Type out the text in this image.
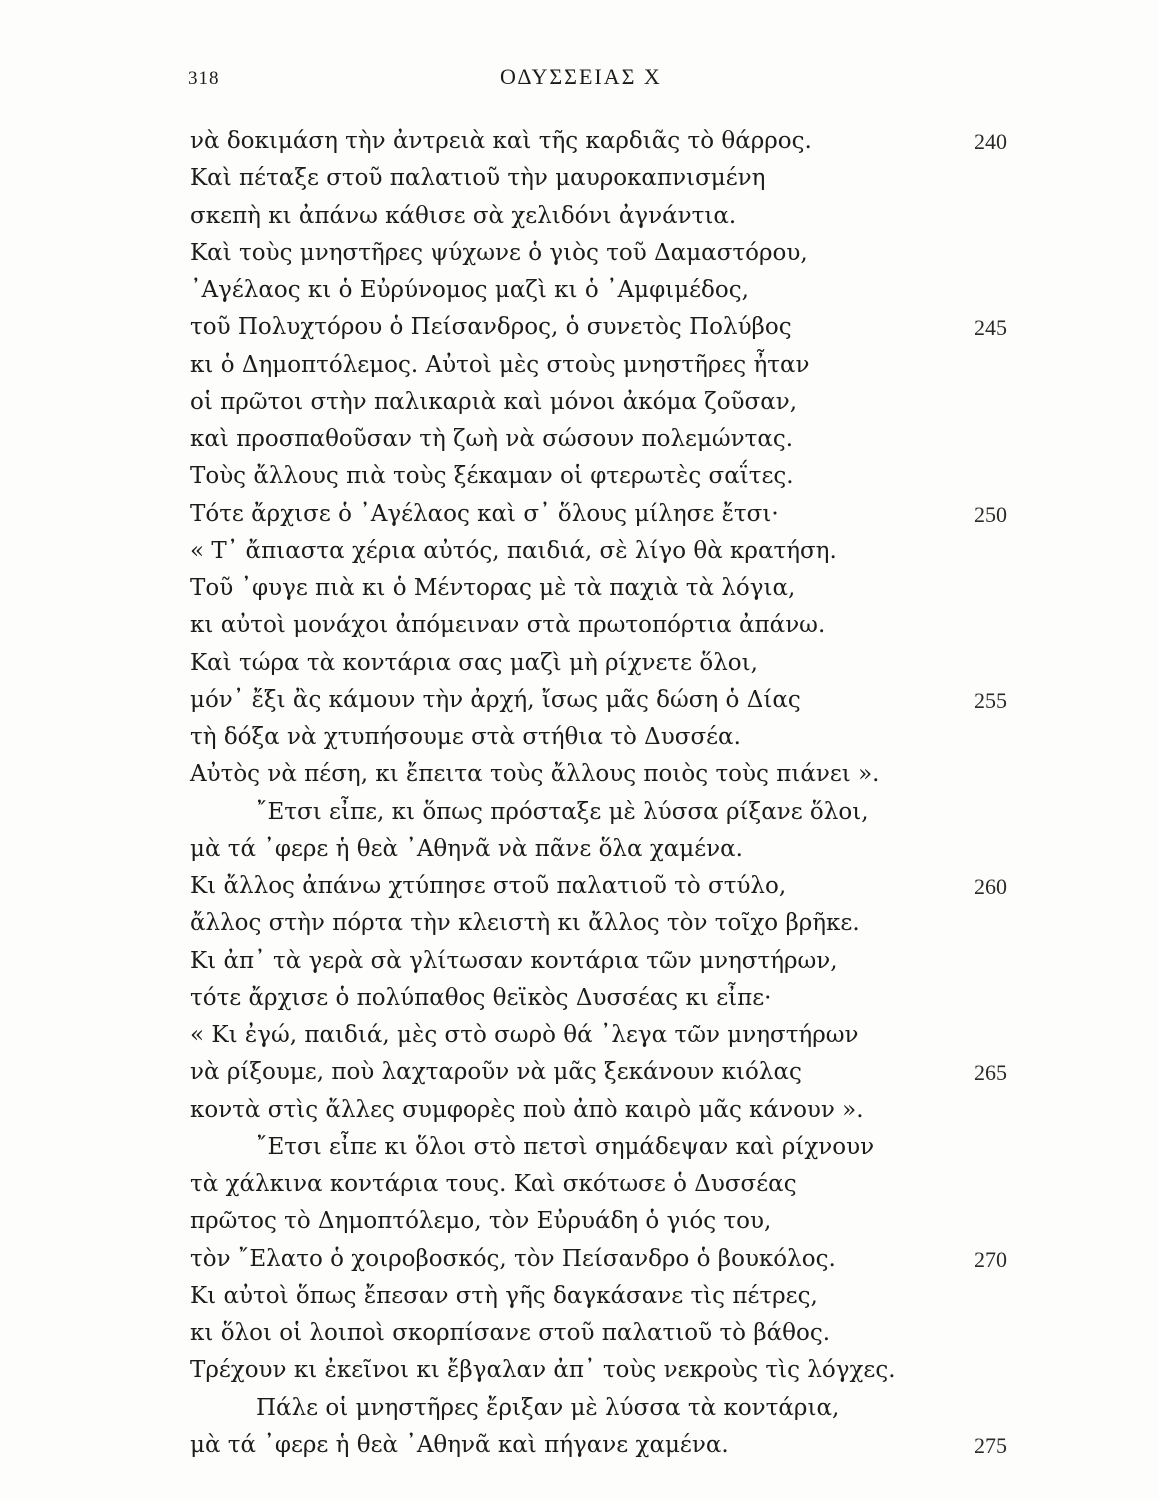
318	ΟΔΥΣΣΕΙΑΣ Χ
νὰ δοκιμάση τὴν ἀντρειὰ καὶ τῆς καρδιᾶς τὸ θάρρος.	240
Καὶ πέταξε στοῦ παλατιοῦ τὴν μαυροκαπνισμένη
σκεπὴ κι ἀπάνω κάθισε σὰ χελιδόνι ἀγνάντια.
Καὶ τοὺς μνηστῆρες ψύχωνε ὁ γιὸς τοῦ Δαμαστόρου,
᾽Αγέλαος κι ὁ Εὐρύνομος μαζὶ κι ὁ ᾽Αμφιμέδος,
τοῦ Πολυχτόρου ὁ Πείσανδρος, ὁ συνετὸς Πολύβος	245
κι ὁ Δημοπτόλεμος. Αὐτοὶ μὲς στοὺς μνηστῆρες ἦταν
οἱ πρῶτοι στὴν παλικαριὰ καὶ μόνοι ἀκόμα ζοῦσαν,
καὶ προσπαθοῦσαν τὴ ζωὴ νὰ σώσουν πολεμώντας.
Τοὺς ἄλλους πιὰ τοὺς ξέκαμαν οἱ φτερωτὲς σαΐτες.
Τότε ἄρχισε ὁ ᾽Αγέλαος καὶ σ᾽ ὅλους μίλησε ἔτσι·	250
« Τ᾽ ἄπιαστα χέρια αὐτός, παιδιά, σὲ λίγο θὰ κρατήση.
Τοῦ ᾽φυγε πιὰ κι ὁ Μέντορας μὲ τὰ παχιὰ τὰ λόγια,
κι αὐτοὶ μονάχοι ἀπόμειναν στὰ πρωτοπόρτια ἀπάνω.
Καὶ τώρα τὰ κοντάρια σας μαζὶ μὴ ρίχνετε ὅλοι,
μόν᾽ ἔξι ἂς κάμουν τὴν ἀρχή, ἴσως μᾶς δώση ὁ Δίας	255
τὴ δόξα νὰ χτυπήσουμε στὰ στήθια τὸ Δυσσέα.
Αὐτὸς νὰ πέση, κι ἔπειτα τοὺς ἄλλους ποιὸς τοὺς πιάνει ».
῎Ετσι εἶπε, κι ὅπως πρόσταξε μὲ λύσσα ρίξανε ὅλοι,
μὰ τά ᾽φερε ἡ θεὰ ᾽Αθηνᾶ νὰ πᾶνε ὅλα χαμένα.
Κι ἄλλος ἀπάνω χτύπησε στοῦ παλατιοῦ τὸ στύλο,	260
ἄλλος στὴν πόρτα τὴν κλειστὴ κι ἄλλος τὸν τοῖχο βρῆκε.
Κι ἀπ᾽ τὰ γερὰ σὰ γλίτωσαν κοντάρια τῶν μνηστήρων,
τότε ἄρχισε ὁ πολύπαθος θεϊκὸς Δυσσέας κι εἶπε·
« Κι ἐγώ, παιδιά, μὲς στὸ σωρὸ θά ᾽λεγα τῶν μνηστήρων
νὰ ρίξουμε, ποὺ λαχταροῦν νὰ μᾶς ξεκάνουν κιόλας	265
κοντὰ στὶς ἄλλες συμφορὲς ποὺ ἀπὸ καιρὸ μᾶς κάνουν ».
῎Ετσι εἶπε κι ὅλοι στὸ πετσὶ σημάδεψαν καὶ ρίχνουν
τὰ χάλκινα κοντάρια τους. Καὶ σκότωσε ὁ Δυσσέας
πρῶτος τὸ Δημοπτόλεμο, τὸν Εὐρυάδη ὁ γιός του,
τὸν ῎Ελατο ὁ χοιροβοσκός, τὸν Πείσανδρο ὁ βουκόλος.	270
Κι αὐτοὶ ὅπως ἔπεσαν στὴ γῆς δαγκάσανε τὶς πέτρες,
κι ὅλοι οἱ λοιποὶ σκορπίσανε στοῦ παλατιοῦ τὸ βάθος.
Τρέχουν κι ἐκεῖνοι κι ἔβγαλαν ἀπ᾽ τοὺς νεκροὺς τὶς λόγχες.
Πάλε οἱ μνηστῆρες ἔριξαν μὲ λύσσα τὰ κοντάρια,
μὰ τά ᾽φερε ἡ θεὰ ᾽Αθηνᾶ καὶ πήγανε χαμένα.	275
